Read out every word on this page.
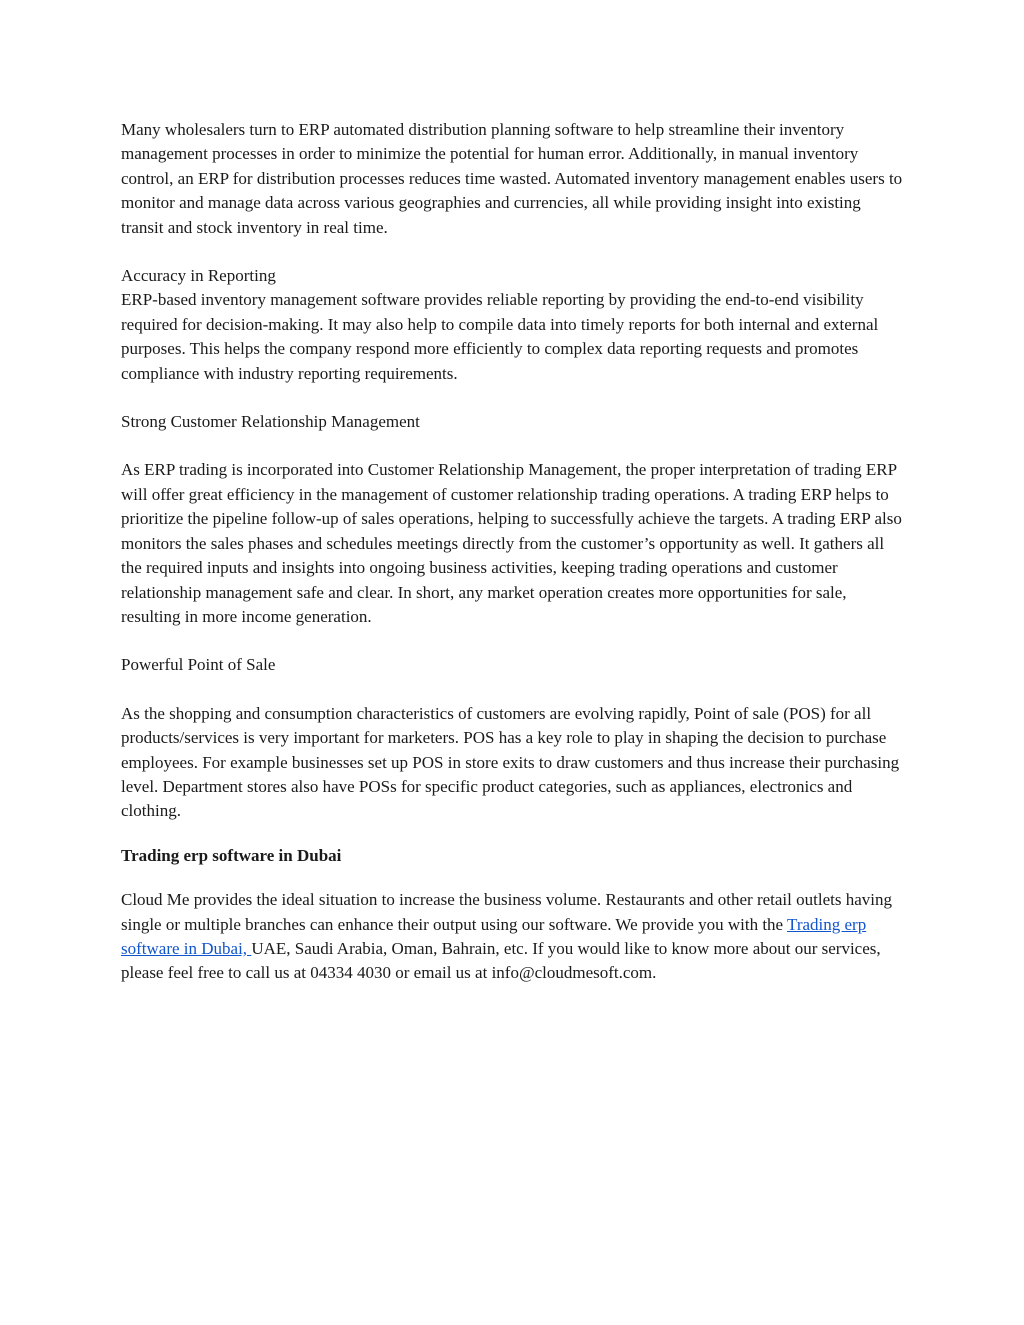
Many wholesalers turn to ERP automated distribution planning software to help streamline their inventory management processes in order to minimize the potential for human error. Additionally, in manual inventory control, an ERP for distribution processes reduces time wasted. Automated inventory management enables users to monitor and manage data across various geographies and currencies, all while providing insight into existing transit and stock inventory in real time.

Accuracy in Reporting

ERP-based inventory management software provides reliable reporting by providing the end-to-end visibility required for decision-making. It may also help to compile data into timely reports for both internal and external purposes. This helps the company respond more efficiently to complex data reporting requests and promotes compliance with industry reporting requirements.

Strong Customer Relationship Management

As ERP trading is incorporated into Customer Relationship Management, the proper interpretation of trading ERP will offer great efficiency in the management of customer relationship trading operations. A trading ERP helps to prioritize the pipeline follow-up of sales operations, helping to successfully achieve the targets. A trading ERP also monitors the sales phases and schedules meetings directly from the customer’s opportunity as well. It gathers all the required inputs and insights into ongoing business activities, keeping trading operations and customer relationship management safe and clear. In short, any market operation creates more opportunities for sale, resulting in more income generation.

Powerful Point of Sale

As the shopping and consumption characteristics of customers are evolving rapidly, Point of sale (POS) for all products/services is very important for marketers. POS has a key role to play in shaping the decision to purchase employees. For example businesses set up POS in store exits to draw customers and thus increase their purchasing level. Department stores also have POSs for specific product categories, such as appliances, electronics and clothing.

Trading erp software in Dubai

Cloud Me provides the ideal situation to increase the business volume. Restaurants and other retail outlets having single or multiple branches can enhance their output using our software. We provide you with the Trading erp software in Dubai, UAE, Saudi Arabia, Oman, Bahrain, etc. If you would like to know more about our services, please feel free to call us at 04334 4030 or email us at info@cloudmesoft.com.
